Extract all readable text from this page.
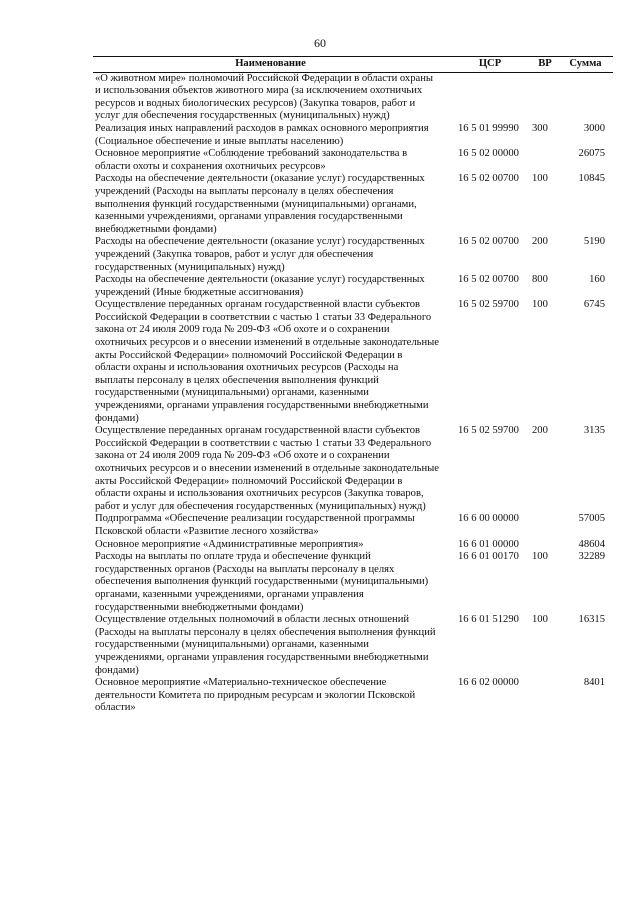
60
Наименование	ЦСР	ВР	Сумма
«О животном мире» полномочий Российской Федерации в области охраны и использования объектов животного мира (за исключением охотничьих ресурсов и водных биологических ресурсов) (Закупка товаров, работ и услуг для обеспечения государственных (муниципальных) нужд)			
Реализация иных направлений расходов в рамках основного мероприятия (Социальное обеспечение и иные выплаты населению)	16 5 01 99990	300	3000
Основное мероприятие «Соблюдение требований законодательства в области охоты и сохранения охотничьих ресурсов»	16 5 02 00000		26075
Расходы на обеспечение деятельности (оказание услуг) государственных учреждений (Расходы на выплаты персоналу в целях обеспечения выполнения функций государственными (муниципальными) органами, казенными учреждениями, органами управления государственными внебюджетными фондами)	16 5 02 00700	100	10845
Расходы на обеспечение деятельности (оказание услуг) государственных учреждений (Закупка товаров, работ и услуг для обеспечения государственных (муниципальных) нужд)	16 5 02 00700	200	5190
Расходы на обеспечение деятельности (оказание услуг) государственных учреждений (Иные бюджетные ассигнования)	16 5 02 00700	800	160
Осуществление переданных органам государственной власти субъектов Российской Федерации в соответствии с частью 1 статьи 33 Федерального закона от 24 июля 2009 года № 209-ФЗ «Об охоте и о сохранении охотничьих ресурсов и о внесении изменений в отдельные законодательные акты Российской Федерации» полномочий Российской Федерации в области охраны и использования охотничьих ресурсов (Расходы на выплаты персоналу в целях обеспечения выполнения функций государственными (муниципальными) органами, казенными учреждениями, органами управления государственными внебюджетными фондами)	16 5 02 59700	100	6745
Осуществление переданных органам государственной власти субъектов Российской Федерации в соответствии с частью 1 статьи 33 Федерального закона от 24 июля 2009 года № 209-ФЗ «Об охоте и о сохранении охотничьих ресурсов и о внесении изменений в отдельные законодательные акты Российской Федерации» полномочий Российской Федерации в области охраны и использования охотничьих ресурсов (Закупка товаров, работ и услуг для обеспечения государственных (муниципальных) нужд)	16 5 02 59700	200	3135
Подпрограмма «Обеспечение реализации государственной программы Псковской области «Развитие лесного хозяйства»	16 6 00 00000		57005
Основное мероприятие «Административные мероприятия»	16 6 01 00000		48604
Расходы на выплаты по оплате труда и обеспечение функций государственных органов (Расходы на выплаты персоналу в целях обеспечения выполнения функций государственными (муниципальными) органами, казенными учреждениями, органами управления государственными внебюджетными фондами)	16 6 01 00170	100	32289
Осуществление отдельных полномочий в области лесных отношений (Расходы на выплаты персоналу в целях обеспечения выполнения функций государственными (муниципальными) органами, казенными учреждениями, органами управления государственными внебюджетными фондами)	16 6 01 51290	100	16315
Основное мероприятие «Материально-техническое обеспечение деятельности Комитета по природным ресурсам и экологии Псковской области»	16 6 02 00000		8401
